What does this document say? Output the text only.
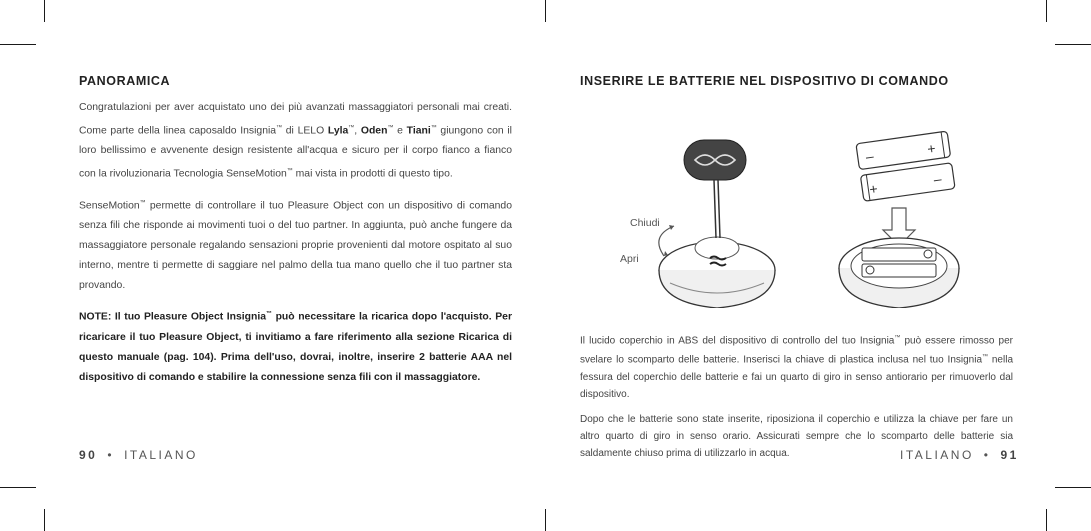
PANORAMICA

Congratulazioni per aver acquistato uno dei più avanzati massaggiatori personali mai creati. Come parte della linea caposaldo Insignia™ di LELO Lyla™, Oden™ e Tiani™ giungono con il loro bellissimo e avvenente design resistente all'acqua e sicuro per il corpo fianco a fianco con la rivoluzionaria Tecnologia SenseMotion™ mai vista in prodotti di questo tipo.

SenseMotion™ permette di controllare il tuo Pleasure Object con un dispositivo di comando senza fili che risponde ai movimenti tuoi o del tuo partner. In aggiunta, può anche fungere da massaggiatore personale regalando sensazioni proprie provenienti dal motore ospitato al suo interno, mentre ti permette di saggiare nel palmo della tua mano quello che il tuo partner sta provando.

NOTE: Il tuo Pleasure Object Insignia™ può necessitare la ricarica dopo l'acquisto. Per ricaricare il tuo Pleasure Object, ti invitiamo a fare riferimento alla sezione Ricarica di questo manuale (pag. 104). Prima dell'uso, dovrai, inoltre, inserire 2 batterie AAA nel dispositivo di comando e stabilire la connessione senza fili con il massaggiatore.

90 • ITALIANO
INSERIRE LE BATTERIE NEL DISPOSITIVO DI COMANDO
Chiudi
Apri
–	+
+
–

Il lucido coperchio in ABS del dispositivo di controllo del tuo Insignia™ può essere rimosso per svelare lo scomparto delle batterie. Inserisci la chiave di plastica inclusa nel tuo Insignia™ nella fessura del coperchio delle batterie e fai un quarto di giro in senso antiorario per rimuoverlo dal dispositivo.

Dopo che le batterie sono state inserite, riposiziona il coperchio e utilizza la chiave per fare un altro quarto di giro in senso orario. Assicurati sempre che lo scomparto delle batterie sia saldamente chiuso prima di utilizzarlo in acqua.	ITALIANO • 91
